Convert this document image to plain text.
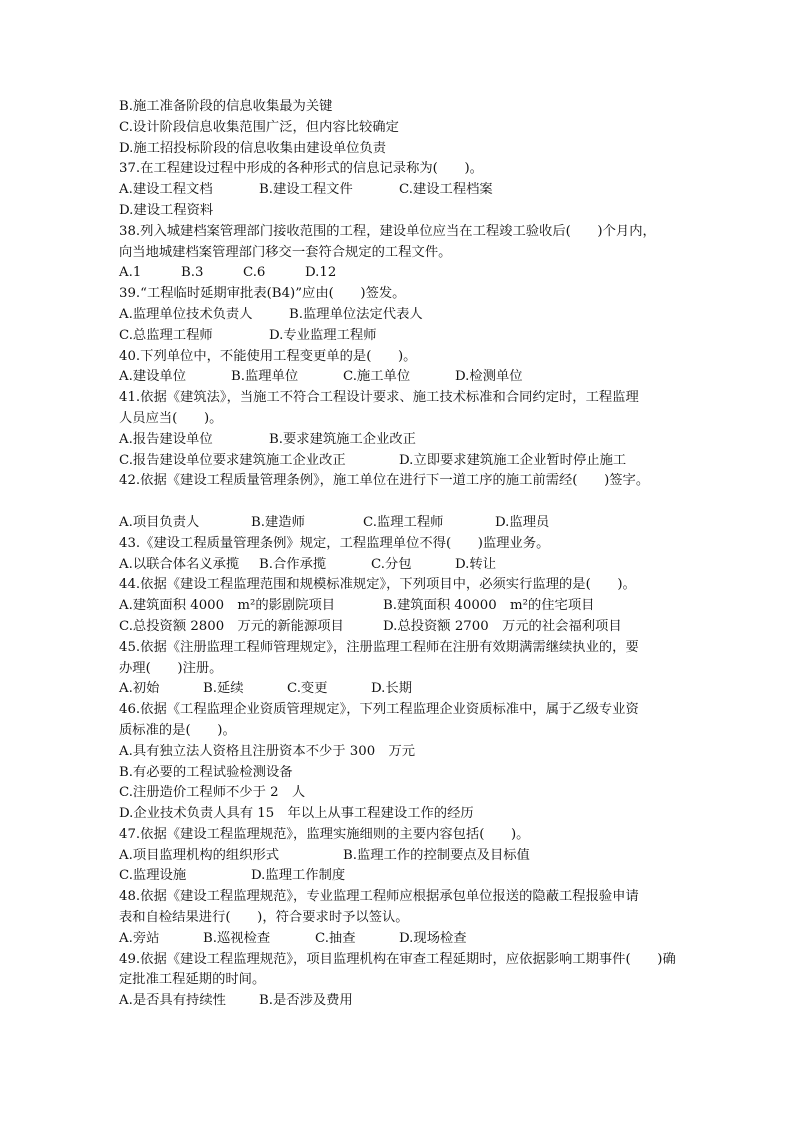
B.施工准备阶段的信息收集最为关键
C.设计阶段信息收集范围广泛，但内容比较确定
D.施工招投标阶段的信息收集由建设单位负责
37.在工程建设过程中形成的各种形式的信息记录称为(　　)。
A.建设工程文档	B.建设工程文件	C.建设工程档案
D.建设工程资料
38.列入城建档案管理部门接收范围的工程，建设单位应当在工程竣工验收后(　　)个月内，
向当地城建档案管理部门移交一套符合规定的工程文件。
A.1	B.3	C.6	D.12
39.“工程临时延期审批表(B4)”应由(　　)签发。
A.监理单位技术负责人	B.监理单位法定代表人
C.总监理工程师	D.专业监理工程师
40.下列单位中，不能使用工程变更单的是(　　)。
A.建设单位	B.监理单位	C.施工单位	D.检测单位
41.依据《建筑法》，当施工不符合工程设计要求、施工技术标准和合同约定时，工程监理
人员应当(　　)。
A.报告建设单位	B.要求建筑施工企业改正
C.报告建设单位要求建筑施工企业改正	D.立即要求建筑施工企业暂时停止施工
42.依据《建设工程质量管理条例》，施工单位在进行下一道工序的施工前需经(　　)签字。
A.项目负责人	B.建造师	C.监理工程师	D.监理员
43.《建设工程质量管理条例》规定，工程监理单位不得(　　)监理业务。
A.以联合体名义承揽 B.合作承揽	C.分包	D.转让
44.依据《建设工程监理范围和规模标准规定》，下列项目中，必须实行监理的是(　　)。
A.建筑面积 4000　m²的影剧院项目	B.建筑面积 40000　m²的住宅项目
C.总投资额 2800　万元的新能源项目	D.总投资额 2700　万元的社会福利项目
45.依据《注册监理工程师管理规定》，注册监理工程师在注册有效期满需继续执业的，要
办理(　　)注册。
A.初始	B.延续	C.变更	D.长期
46.依据《工程监理企业资质管理规定》，下列工程监理企业资质标准中，属于乙级专业资
质标准的是(　　)。
A.具有独立法人资格且注册资本不少于 300　万元
B.有必要的工程试验检测设备
C.注册造价工程师不少于 2　人
D.企业技术负责人具有 15　年以上从事工程建设工作的经历
47.依据《建设工程监理规范》，监理实施细则的主要内容包括(　　)。
A.项目监理机构的组织形式	B.监理工作的控制要点及目标值
C.监理设施	D.监理工作制度
48.依据《建设工程监理规范》，专业监理工程师应根据承包单位报送的隐蔽工程报验申请
表和自检结果进行(　　)，符合要求时予以签认。
A.旁站	B.巡视检查	C.抽查	D.现场检查
49.依据《建设工程监理规范》，项目监理机构在审查工程延期时，应依据影响工期事件(　　)确
定批准工程延期的时间。
A.是否具有持续性 B.是否涉及费用
